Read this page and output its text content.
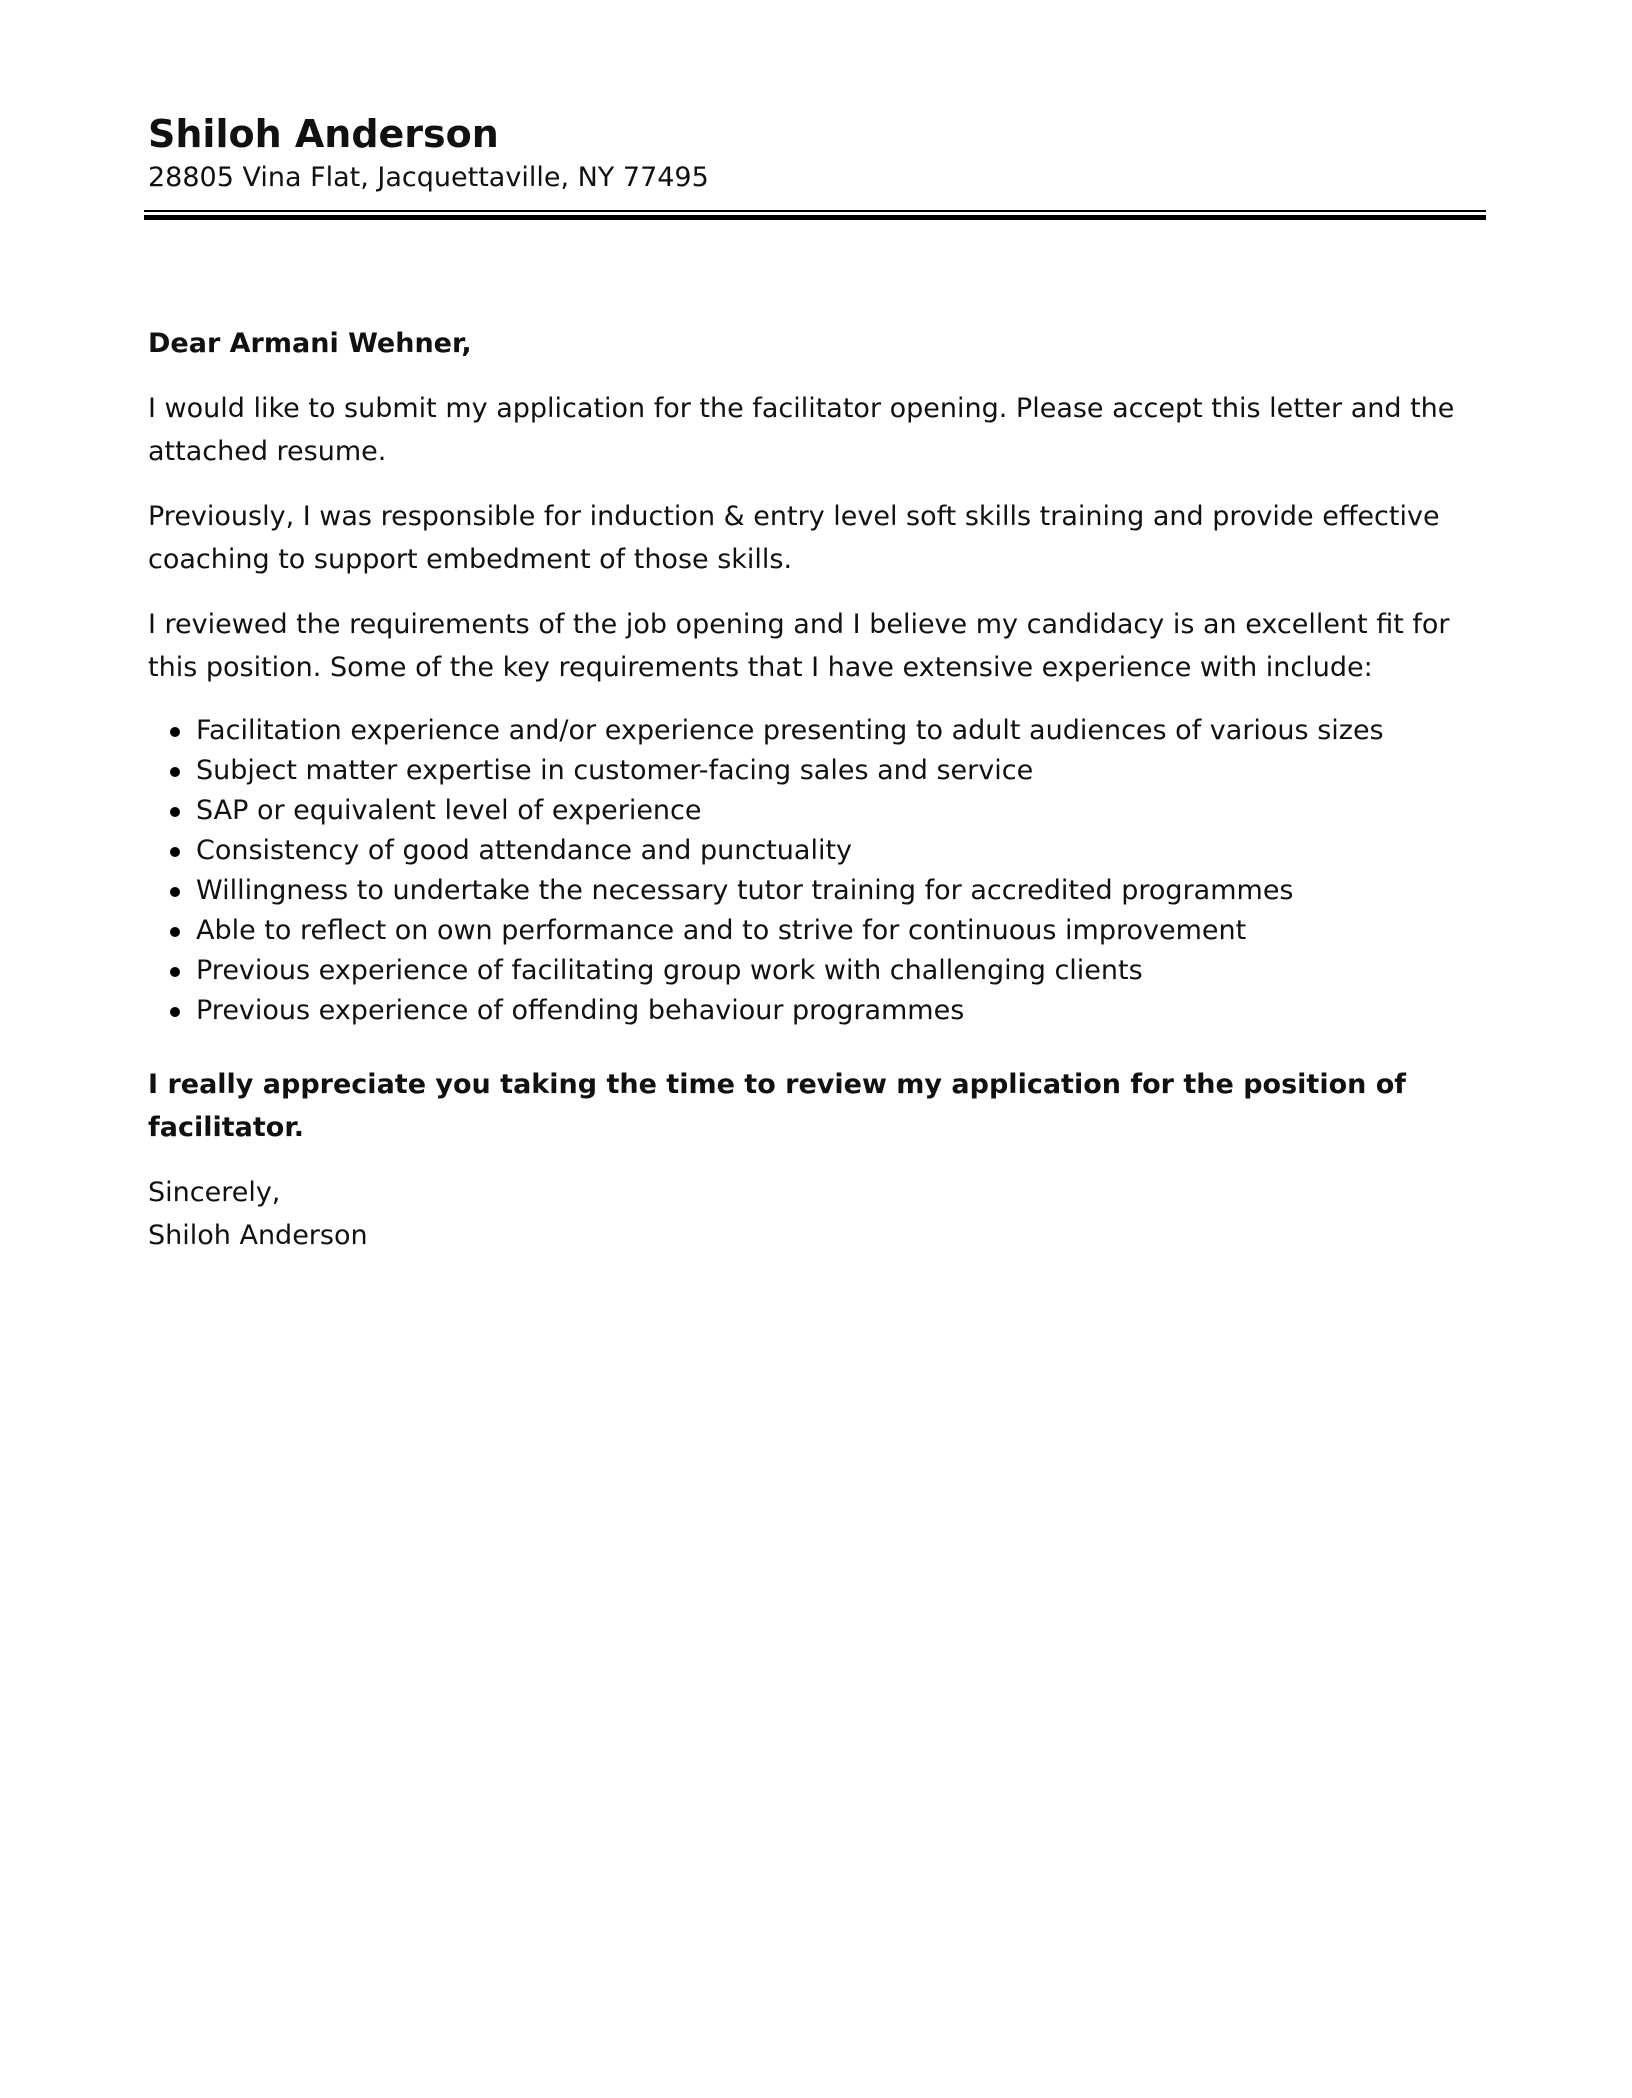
Shiloh Anderson
28805 Vina Flat, Jacquettaville, NY 77495

Dear Armani Wehner,

I would like to submit my application for the facilitator opening. Please accept this letter and the attached resume.

Previously, I was responsible for induction & entry level soft skills training and provide effective coaching to support embedment of those skills.

I reviewed the requirements of the job opening and I believe my candidacy is an excellent fit for this position. Some of the key requirements that I have extensive experience with include:

Facilitation experience and/or experience presenting to adult audiences of various sizes
Subject matter expertise in customer-facing sales and service
SAP or equivalent level of experience
Consistency of good attendance and punctuality
Willingness to undertake the necessary tutor training for accredited programmes
Able to reflect on own performance and to strive for continuous improvement
Previous experience of facilitating group work with challenging clients
Previous experience of offending behaviour programmes

I really appreciate you taking the time to review my application for the position of facilitator.

Sincerely,

Shiloh Anderson
